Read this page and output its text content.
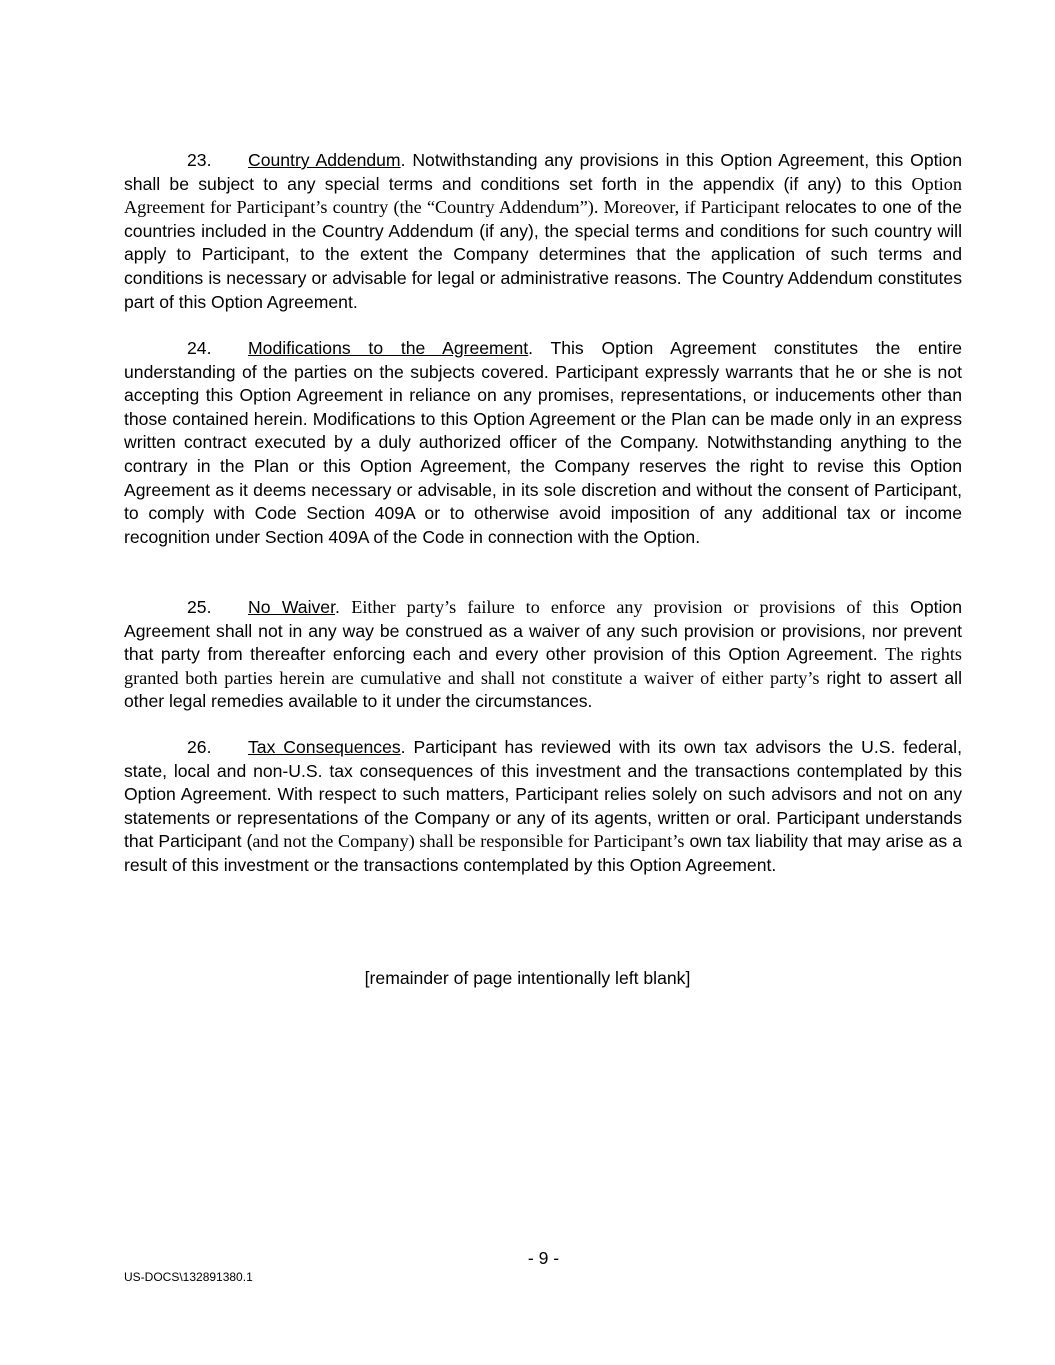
23. Country Addendum. Notwithstanding any provisions in this Option Agreement, this Option shall be subject to any special terms and conditions set forth in the appendix (if any) to this Option Agreement for Participant’s country (the “Country Addendum”). Moreover, if Participant relocates to one of the countries included in the Country Addendum (if any), the special terms and conditions for such country will apply to Participant, to the extent the Company determines that the application of such terms and conditions is necessary or advisable for legal or administrative reasons. The Country Addendum constitutes part of this Option Agreement.

24. Modifications to the Agreement. This Option Agreement constitutes the entire understanding of the parties on the subjects covered. Participant expressly warrants that he or she is not accepting this Option Agreement in reliance on any promises, representations, or inducements other than those contained herein. Modifications to this Option Agreement or the Plan can be made only in an express written contract executed by a duly authorized officer of the Company. Notwithstanding anything to the contrary in the Plan or this Option Agreement, the Company reserves the right to revise this Option Agreement as it deems necessary or advisable, in its sole discretion and without the consent of Participant, to comply with Code Section 409A or to otherwise avoid imposition of any additional tax or income recognition under Section 409A of the Code in connection with the Option.

25. No Waiver. Either party’s failure to enforce any provision or provisions of this Option Agreement shall not in any way be construed as a waiver of any such provision or provisions, nor prevent that party from thereafter enforcing each and every other provision of this Option Agreement. The rights granted both parties herein are cumulative and shall not constitute a waiver of either party’s right to assert all other legal remedies available to it under the circumstances.

26. Tax Consequences. Participant has reviewed with its own tax advisors the U.S. federal, state, local and non-U.S. tax consequences of this investment and the transactions contemplated by this Option Agreement. With respect to such matters, Participant relies solely on such advisors and not on any statements or representations of the Company or any of its agents, written or oral. Participant understands that Participant (and not the Company) shall be responsible for Participant’s own tax liability that may arise as a result of this investment or the transactions contemplated by this Option Agreement.

[remainder of page intentionally left blank]
- 9 -
US-DOCS\132891380.1
